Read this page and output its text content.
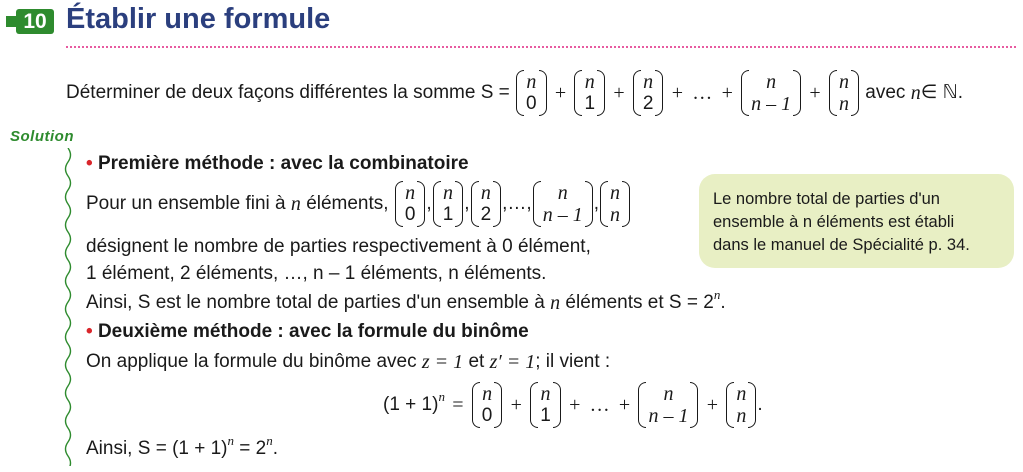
10 Établir une formule
Déterminer de deux façons différentes la somme S = n
0 + n
1 + n
2 + … + n
n – 1 + n
n
avec n∈ ℕ.
Solution
• Première méthode : avec la combinatoire
Pour un ensemble fini à n éléments, n
0
, n
1
, n
2
,…, n
n – 1
, n
n
désignent le nombre de parties respectivement à 0 élément,
1 élément, 2 éléments, …, n – 1 éléments, n éléments.
Ainsi, S est le nombre total de parties d'un ensemble à n éléments et $S = 2^n$.
• Deuxième méthode : avec la formule du binôme
On applique la formule du binôme avec z = 1 et z′ = 1; il vient :
$(1 + 1)^n = n$
0 + n
1 + … + n
n – 1 + n
n
.
Ainsi, $S = (1 + 1)^n = 2^n$.
Le nombre total de parties d'un
ensemble à n éléments est établi
dans le manuel de Spécialité p. 34.
